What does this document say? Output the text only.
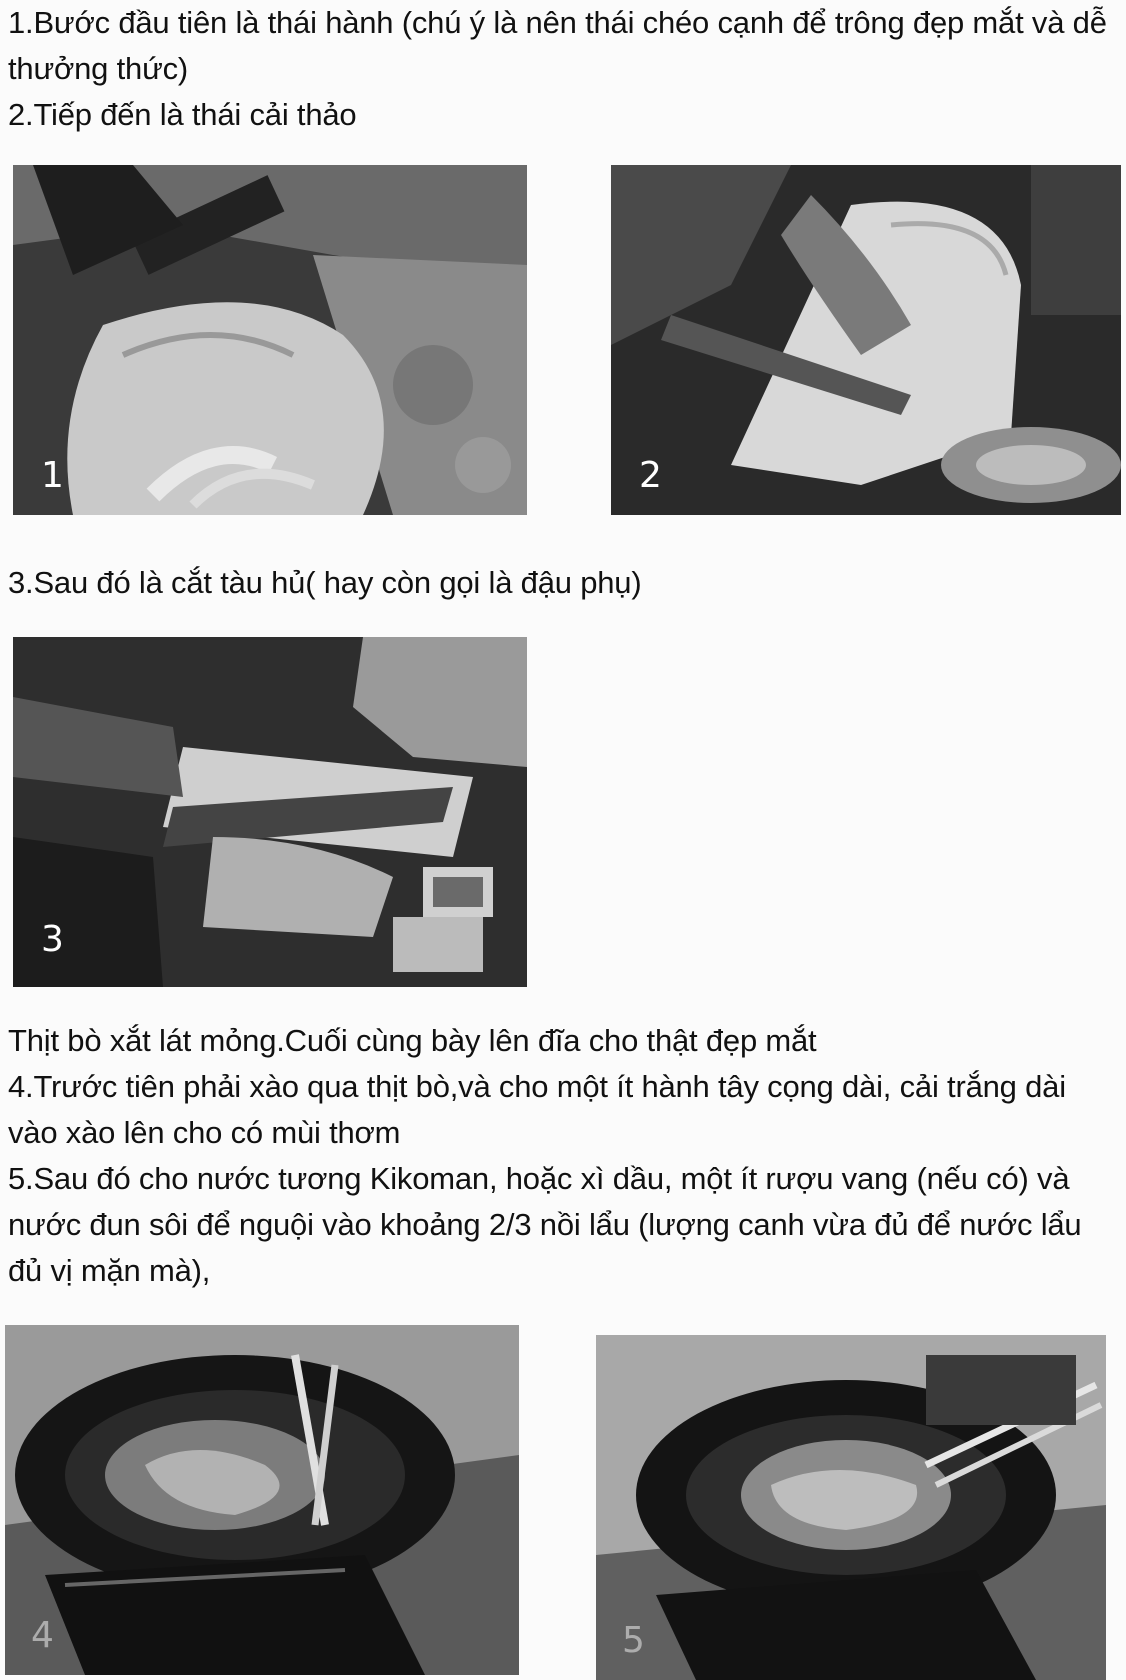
1.Bước đầu tiên là thái hành (chú ý là nên thái chéo cạnh để trông đẹp mắt và dễ thưởng thức)

2.Tiếp đến là thái cải thảo

1	2

3.Sau đó là cắt tàu hủ( hay còn gọi là đậu phụ)

3

Thịt bò xắt lát mỏng.Cuối cùng bày lên đĩa cho thật đẹp mắt

4.Trước tiên phải xào qua thịt bò,và cho một ít hành tây cọng dài, cải trắng dài vào xào lên cho có mùi thơm

5.Sau đó cho nước tương Kikoman, hoặc xì dầu, một ít rượu vang (nếu có) và nước đun sôi để nguội vào khoảng 2/3 nồi lẩu (lượng canh vừa đủ để nước lẩu đủ vị mặn mà),

4	5
